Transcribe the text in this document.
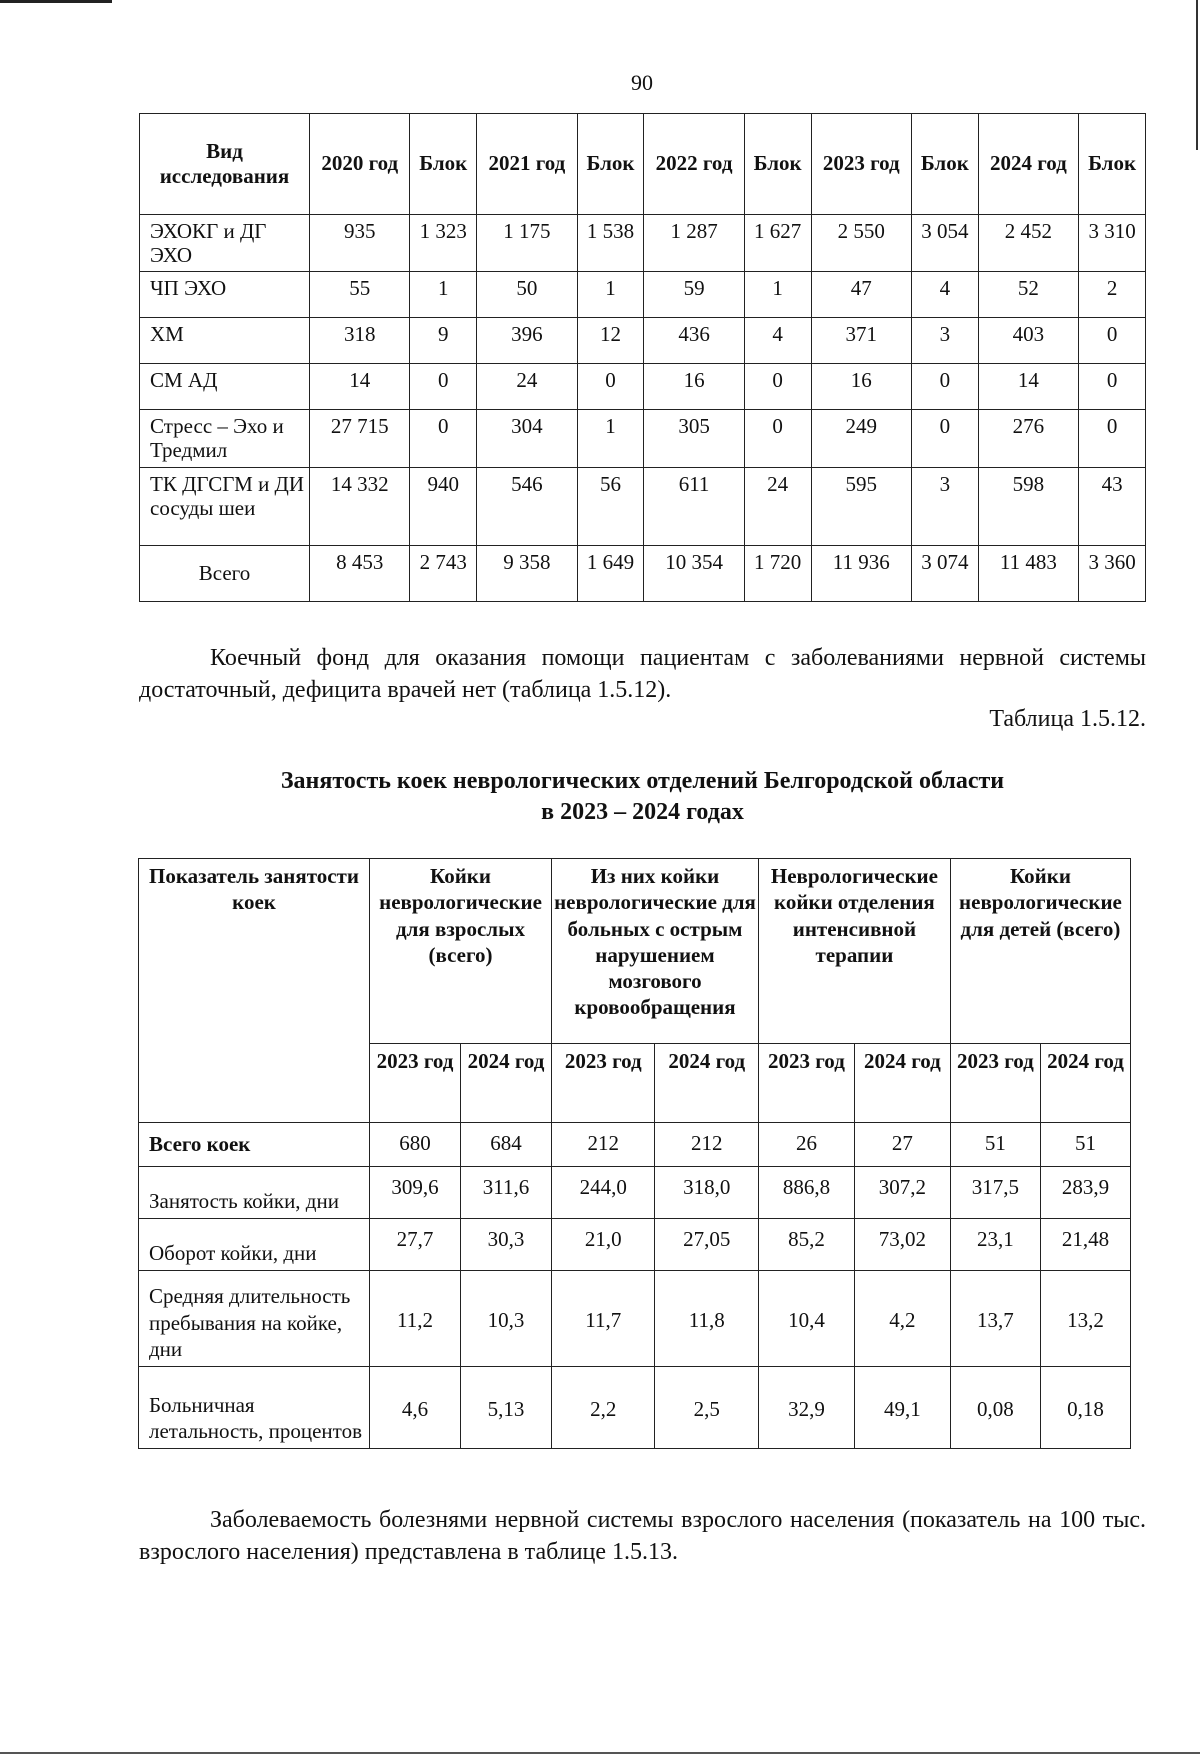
90
Вид исследования	2020 год	Блок	2021 год	Блок	2022 год	Блок	2023 год	Блок	2024 год	Блок
ЭХОКГ и ДГ ЭХО	935	1 323	1 175	1 538	1 287	1 627	2 550	3 054	2 452	3 310
ЧП ЭХО	55	1	50	1	59	1	47	4	52	2
ХМ	318	9	396	12	436	4	371	3	403	0
СМ АД	14	0	24	0	16	0	16	0	14	0
Стресс – Эхо и Тредмил	27 715	0	304	1	305	0	249	0	276	0
ТК ДГСГМ и ДИ сосуды шеи	14 332	940	546	56	611	24	595	3	598	43
Всего	8 453	2 743	9 358	1 649	10 354	1 720	11 936	3 074	11 483	3 360
Коечный фонд для оказания помощи пациентам с заболеваниями нервной системы достаточный, дефицита врачей нет (таблица 1.5.12).
Таблица 1.5.12.
Занятость коек неврологических отделений Белгородской области
в 2023 – 2024 годах
Показатель занятости коек	Койки неврологические для взрослых (всего)		Из них койки неврологические для больных с острым нарушением мозгового кровообращения		Неврологические койки отделения интенсивной терапии		Койки неврологические для детей (всего)	
	2023 год	2024 год	2023 год	2024 год	2023 год	2024 год	2023 год	2024 год
Всего коек	680	684	212	212	26	27	51	51
Занятость койки, дни	309,6	311,6	244,0	318,0	886,8	307,2	317,5	283,9
Оборот койки, дни	27,7	30,3	21,0	27,05	85,2	73,02	23,1	21,48
Средняя длительность пребывания на койке, дни	11,2	10,3	11,7	11,8	10,4	4,2	13,7	13,2
Больничная летальность, процентов	4,6	5,13	2,2	2,5	32,9	49,1	0,08	0,18
Заболеваемость болезнями нервной системы взрослого населения (показатель на 100 тыс. взрослого населения) представлена в таблице 1.5.13.
